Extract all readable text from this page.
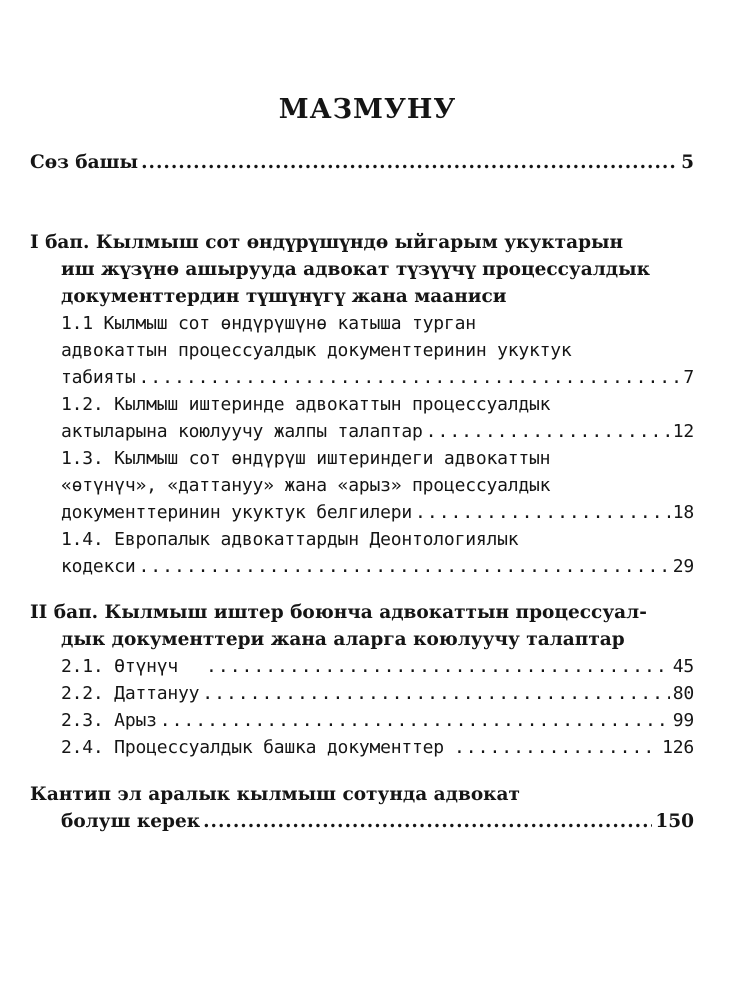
МАЗМУНУ
Сөз башы .....	5
I бап. Кылмыш сот өндүрүшүндө ыйгарым укуктарын
иш жүзүнө ашырууда адвокат түзүүчү процессуалдык
документтердин түшүнүгү жана мааниси
1.1 Кылмыш сот өндүрүшүнө катыша турган
адвокаттын процессуалдык документтеринин укуктук
табияты .....	7
1.2. Кылмыш иштеринде адвокаттын процессуалдык
актыларына коюлуучу жалпы талаптар .....	12
1.3. Кылмыш сот өндүрүш иштериндеги адвокаттын
«өтүнүч», «даттануу» жана «арыз» процессуалдык
документтеринин укуктук белгилери .....	18
1.4. Европалык адвокаттардын Деонтологиялык
кодекси .....	29
II бап. Кылмыш иштер боюнча адвокаттын процессуал-
дык документтери жана аларга коюлуучу талаптар
2.1. Өтүнүч .....	45
2.2. Даттануу .....	80
2.3. Арыз .....	99
2.4. Процессуалдык башка документтер .....	126
Кантип эл аралык кылмыш сотунда адвокат
болуш керек .....	150
